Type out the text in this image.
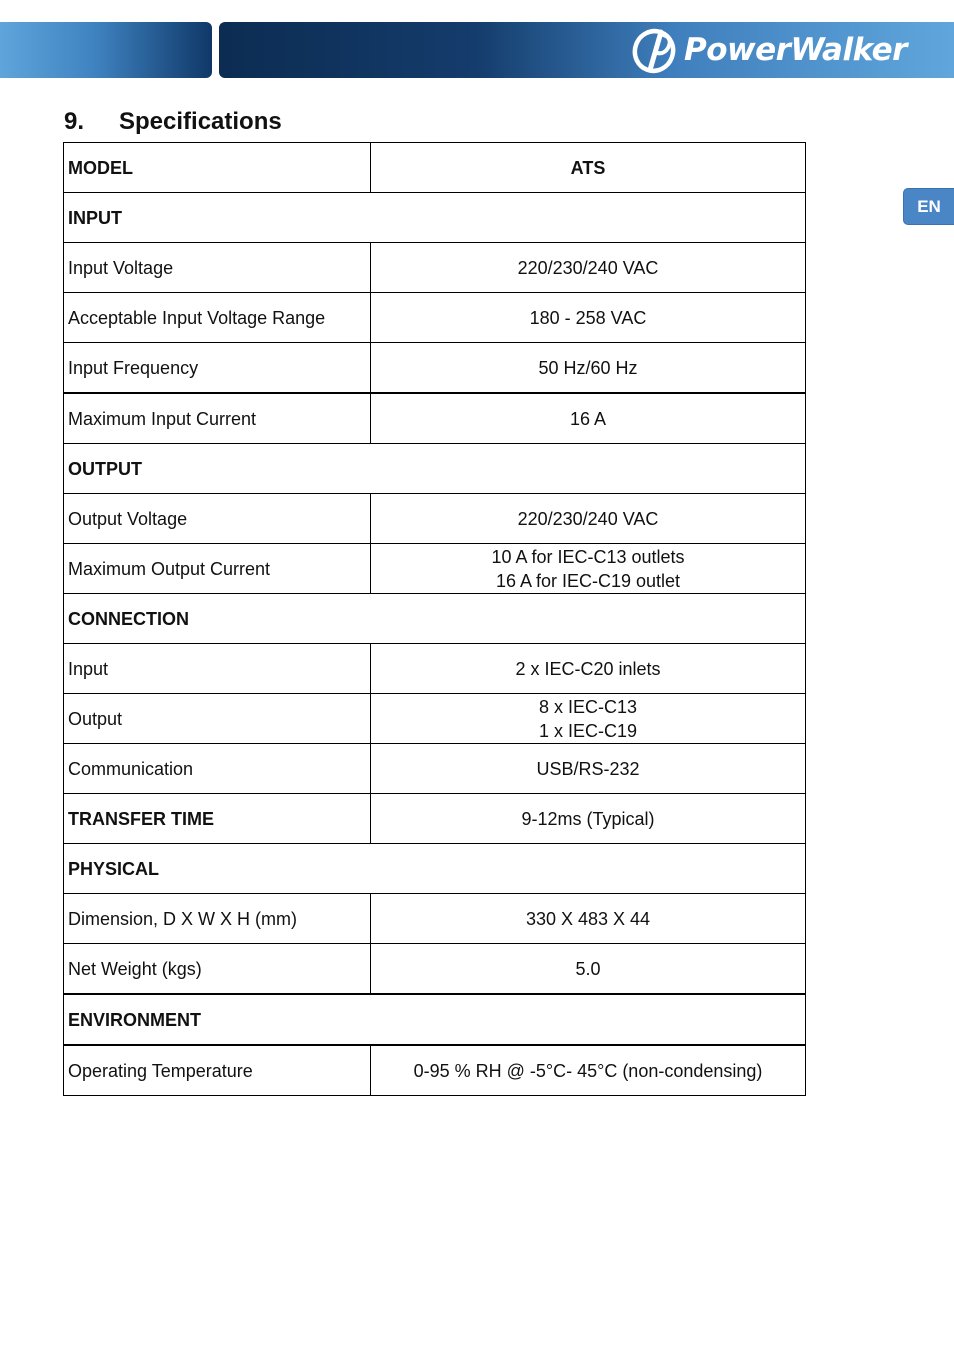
PowerWalker
EN
9.	Specifications
MODEL	ATS
INPUT	
Input Voltage	220/230/240 VAC

Acceptable Input Voltage Range	180 - 258 VAC

Input Frequency	50 Hz/60 Hz

Maximum Input Current	16 A

OUTPUT	
Output Voltage	220/230/240 VAC

Maximum Output Current	10 A for IEC-C13 outlets
16 A for IEC-C19 outlet

CONNECTION	
Input	2 x IEC-C20 inlets

Output	8 x IEC-C13
1 x IEC-C19

Communication	USB/RS-232

TRANSFER TIME	9-12ms (Typical)

PHYSICAL	
Dimension, D X W X H (mm)	330 X 483 X 44

Net Weight (kgs)	5.0

ENVIRONMENT	
Operating Temperature	0-95 % RH @ -5°C- 45°C (non-condensing)
